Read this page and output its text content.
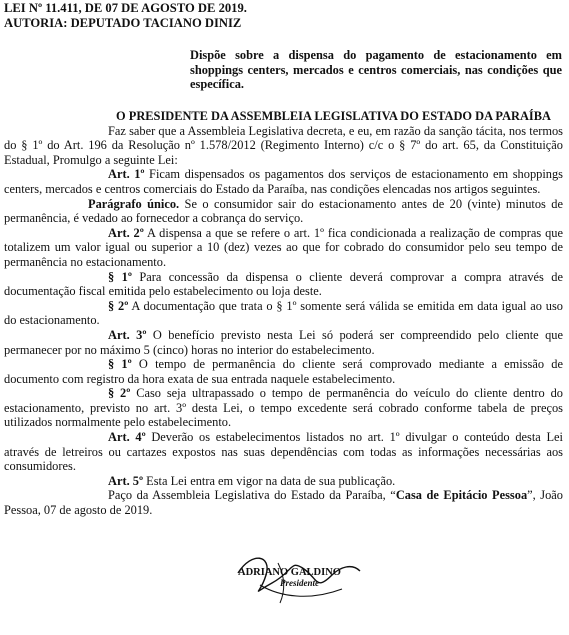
LEI Nº 11.411, DE 07 DE AGOSTO DE 2019.
AUTORIA: DEPUTADO TACIANO DINIZ
Dispõe sobre a dispensa do pagamento de estacionamento em shoppings centers, mercados e centros comerciais, nas condições que específica.
O PRESIDENTE DA ASSEMBLEIA LEGISLATIVA DO ESTADO DA PARAÍBA
Faz saber que a Assembleia Legislativa decreta, e eu, em razão da sanção tácita, nos termos do § 1º do Art. 196 da Resolução nº 1.578/2012 (Regimento Interno) c/c o § 7º do art. 65, da Constituição Estadual, Promulgo a seguinte Lei:
Art. 1º Ficam dispensados os pagamentos dos serviços de estacionamento em shoppings centers, mercados e centros comerciais do Estado da Paraíba, nas condições elencadas nos artigos seguintes.
Parágrafo único. Se o consumidor sair do estacionamento antes de 20 (vinte) minutos de permanência, é vedado ao fornecedor a cobrança do serviço.
Art. 2º A dispensa a que se refere o art. 1º fica condicionada a realização de compras que totalizem um valor igual ou superior a 10 (dez) vezes ao que for cobrado do consumidor pelo seu tempo de permanência no estacionamento.
§ 1º Para concessão da dispensa o cliente deverá comprovar a compra através de documentação fiscal emitida pelo estabelecimento ou loja deste.
§ 2º A documentação que trata o § 1º somente será válida se emitida em data igual ao uso do estacionamento.
Art. 3º O benefício previsto nesta Lei só poderá ser compreendido pelo cliente que permanecer por no máximo 5 (cinco) horas no interior do estabelecimento.
§ 1º O tempo de permanência do cliente será comprovado mediante a emissão de documento com registro da hora exata de sua entrada naquele estabelecimento.
§ 2º Caso seja ultrapassado o tempo de permanência do veículo do cliente dentro do estacionamento, previsto no art. 3º desta Lei, o tempo excedente será cobrado conforme tabela de preços utilizados normalmente pelo estabelecimento.
Art. 4º Deverão os estabelecimentos listados no art. 1º divulgar o conteúdo desta Lei através de letreiros ou cartazes expostos nas suas dependências com todas as informações necessárias aos consumidores.
Art. 5º Esta Lei entra em vigor na data de sua publicação.
Paço da Assembleia Legislativa do Estado da Paraíba, “Casa de Epitácio Pessoa”, João Pessoa, 07 de agosto de 2019.
ADRIANO GALDINO
Presidente
